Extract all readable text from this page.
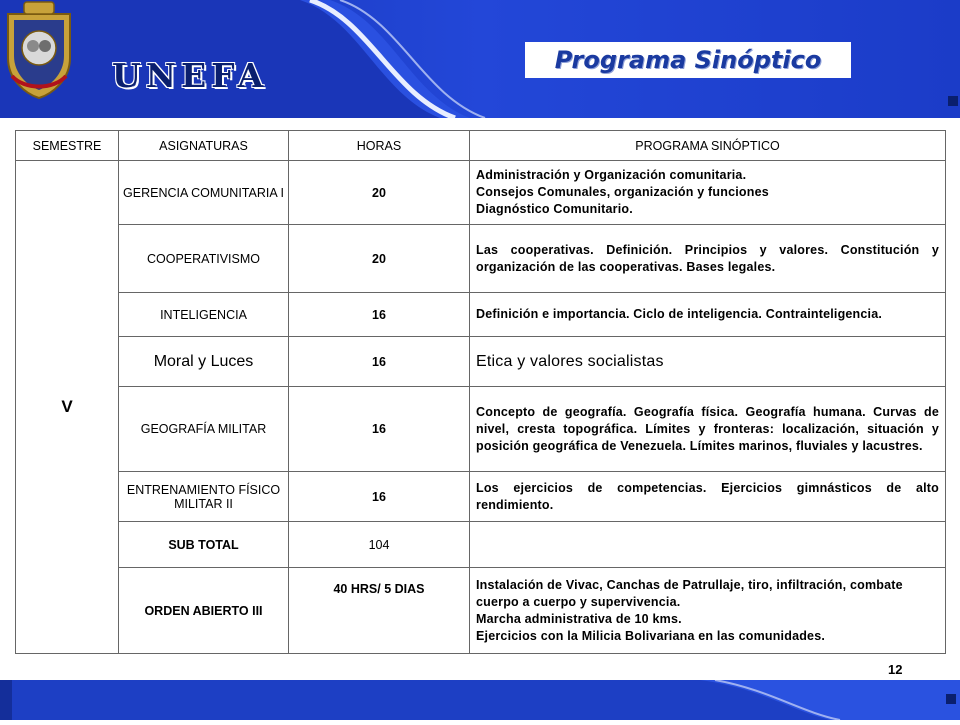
UNEFA	Programa Sinóptico
SEMESTRE	ASIGNATURAS	HORAS	PROGRAMA SINÓPTICO
V	GERENCIA COMUNITARIA I	20	Administración y Organización comunitaria.
Consejos Comunales, organización y funciones
Diagnóstico Comunitario.

	COOPERATIVISMO	20	Las cooperativas. Definición. Principios y valores. Constitución y organización de las cooperativas. Bases legales.
	INTELIGENCIA	16	Definición e importancia. Ciclo de inteligencia. Contrainteligencia.
	Moral y Luces	16	Etica y valores socialistas
	GEOGRAFÍA MILITAR	16	Concepto de geografía. Geografía física. Geografía humana. Curvas de nivel, cresta topográfica. Límites y fronteras: localización, situación y posición geográfica de Venezuela. Límites marinos, fluviales y lacustres.
	ENTRENAMIENTO FÍSICO MILITAR II	16	Los ejercicios de competencias. Ejercicios gimnásticos de alto rendimiento.
	SUB TOTAL	104	
	ORDEN ABIERTO III	40 HRS/ 5 DIAS	Instalación de Vivac, Canchas de Patrullaje, tiro, infiltración, combate cuerpo a cuerpo y supervivencia.
Marcha administrativa de 10 kms.
Ejercicios con la Milicia Bolivariana en las comunidades.
12
